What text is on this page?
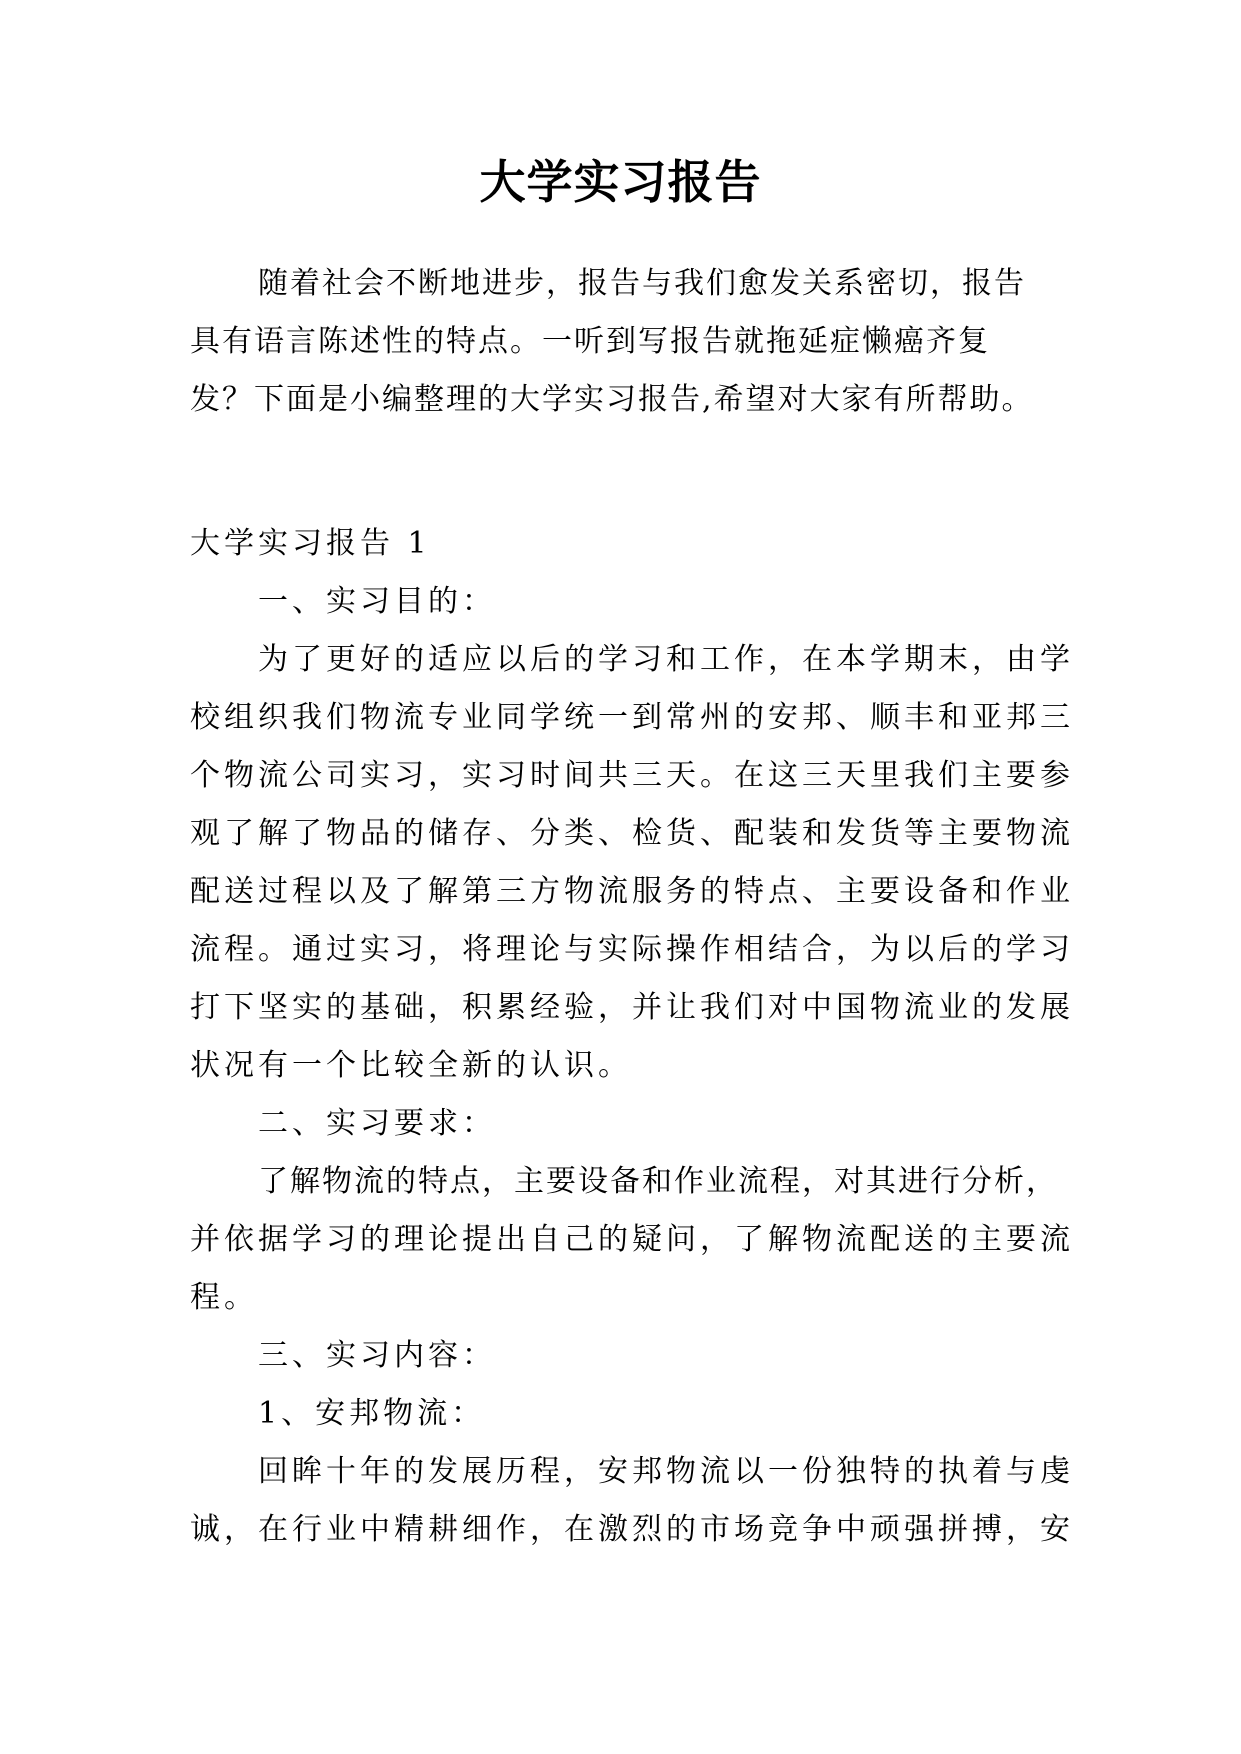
大学实习报告
随着社会不断地进步，报告与我们愈发关系密切，报告
具有语言陈述性的特点。一听到写报告就拖延症懒癌齐复
发？下面是小编整理的大学实习报告,希望对大家有所帮助。
大学实习报告 1
一、实习目的：
为了更好的适应以后的学习和工作，在本学期末，由学
校组织我们物流专业同学统一到常州的安邦、顺丰和亚邦三
个物流公司实习，实习时间共三天。在这三天里我们主要参
观了解了物品的储存、分类、检货、配装和发货等主要物流
配送过程以及了解第三方物流服务的特点、主要设备和作业
流程。通过实习，将理论与实际操作相结合，为以后的学习
打下坚实的基础，积累经验，并让我们对中国物流业的发展
状况有一个比较全新的认识。
二、实习要求：
了解物流的特点，主要设备和作业流程，对其进行分析，
并依据学习的理论提出自己的疑问，了解物流配送的主要流
程。
三、实习内容：
1、安邦物流：
回眸十年的发展历程，安邦物流以一份独特的执着与虔
诚，在行业中精耕细作，在激烈的市场竞争中顽强拼搏，安
